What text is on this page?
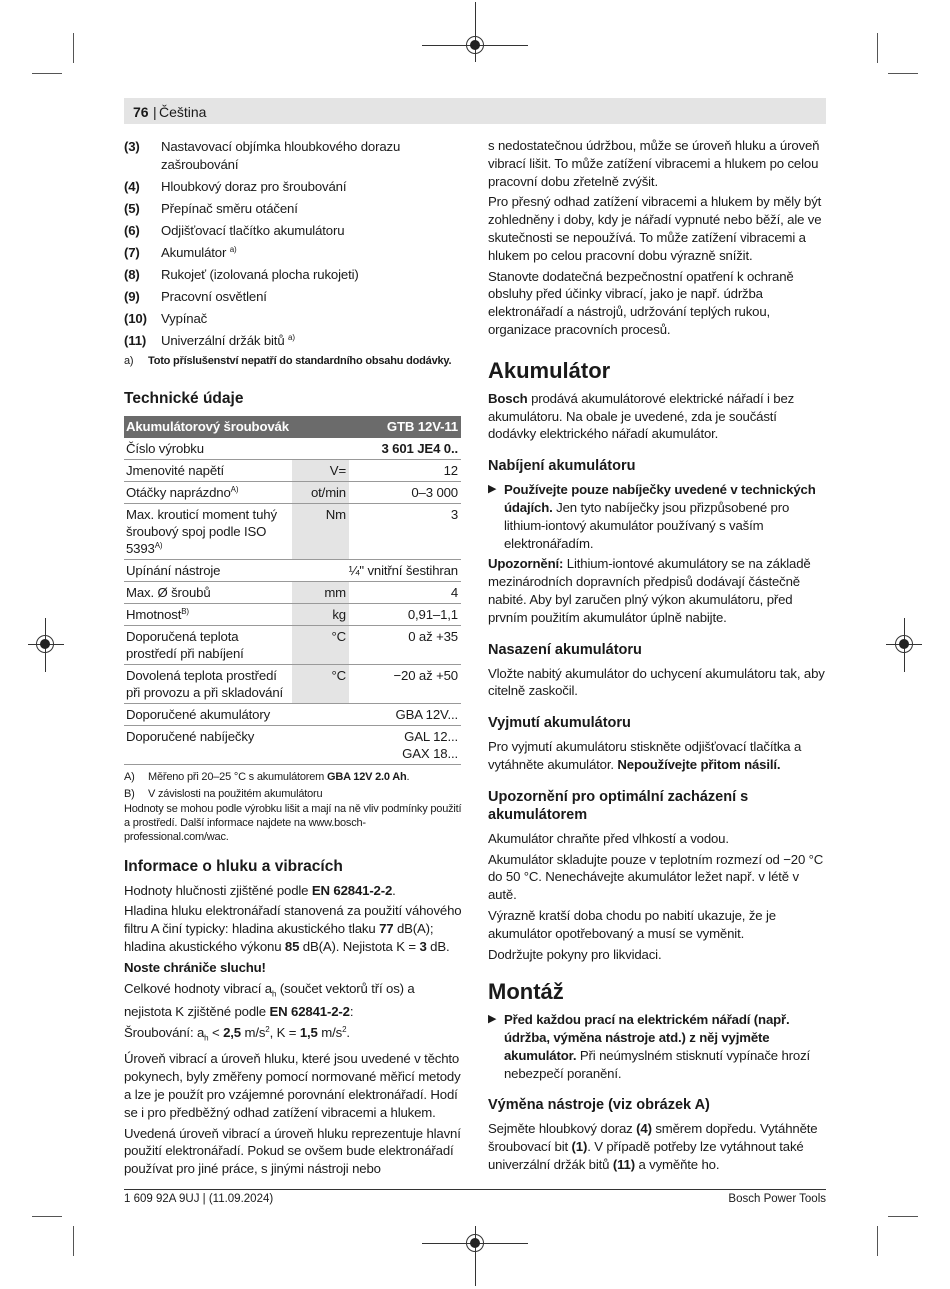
76 | Čeština
(3)	Nastavovací objímka hloubkového dorazu zašroubování
(4)	Hloubkový doraz pro šroubování
(5)	Přepínač směru otáčení
(6)	Odjišťovací tlačítko akumulátoru
(7)	Akumulátor $^{a)}$
(8)	Rukojeť (izolovaná plocha rukojeti)
(9)	Pracovní osvětlení
(10)	Vypínač
(11)	Univerzální držák bitů $^{a)}$
a)	Toto příslušenství nepatří do standardního obsahu dodávky.
Technické údaje
Akumulátorový šroubovák		GTB 12V-11
Číslo výrobku	3 601 JE4 0..	
Jmenovité napětí	V=	12
Otáčky naprázdno$^{A)}$	ot/min	0–3 000
Max. krouticí moment tuhý šroubový spoj podle ISO $5393^{A)}$	Nm	3
Upínání nástroje	¼" vnitřní šestihran	
Max. Ø šroubů	mm	4
Hmotnost$^{B)}$	kg	0,91–1,1
Doporučená teplota prostředí při nabíjení	°C	0 až +35
Dovolená teplota prostředí při provozu a při skladování	°C	−20 až +50
Doporučené akumulátory	GBA 12V...	
Doporučené nabíječky	GAL 12...
GAX 18...	
A)	Měřeno při 20–25 °C s akumulátorem GBA 12V 2.0 Ah.
B)	V závislosti na použitém akumulátoru
Hodnoty se mohou podle výrobku lišit a mají na ně vliv podmínky použití a prostředí. Další informace najdete na www.bosch-professional.com/wac.
Informace o hluku a vibracích

Hodnoty hlučnosti zjištěné podle EN 62841-2-2.

Hladina hluku elektronářadí stanovená za použití váhového filtru A činí typicky: hladina akustického tlaku 77 dB(A); hladina akustického výkonu 85 dB(A). Nejistota K = 3 dB.

Noste chrániče sluchu!

Celkové hodnoty vibrací $a_h$ (součet vektorů tří os) a nejistota K zjištěné podle EN 62841-2-2:

Šroubování: $a_h < 2,5$ $m/s^2$, K = 1,5 $m/s^2$.

Úroveň vibrací a úroveň hluku, které jsou uvedené v těchto pokynech, byly změřeny pomocí normované měřicí metody a lze je použít pro vzájemné porovnání elektronářadí. Hodí se i pro předběžný odhad zatížení vibracemi a hlukem.

Uvedená úroveň vibrací a úroveň hluku reprezentuje hlavní použití elektronářadí. Pokud se ovšem bude elektronářadí používat pro jiné práce, s jinými nástroji nebo

s nedostatečnou údržbou, může se úroveň hluku a úroveň vibrací lišit. To může zatížení vibracemi a hlukem po celou pracovní dobu zřetelně zvýšit.

Pro přesný odhad zatížení vibracemi a hlukem by měly být zohledněny i doby, kdy je nářadí vypnuté nebo běží, ale ve skutečnosti se nepoužívá. To může zatížení vibracemi a hlukem po celou pracovní dobu výrazně snížit.

Stanovte dodatečná bezpečnostní opatření k ochraně obsluhy před účinky vibrací, jako je např. údržba elektronářadí a nástrojů, udržování teplých rukou, organizace pracovních procesů.

Akumulátor

Bosch prodává akumulátorové elektrické nářadí i bez akumulátoru. Na obale je uvedené, zda je součástí dodávky elektrického nářadí akumulátor.

Nabíjení akumulátoru
▶ Používejte pouze nabíječky uvedené v technických údajích. Jen tyto nabíječky jsou přizpůsobené pro lithium-iontový akumulátor používaný s vaším elektronářadím.

Upozornění: Lithium-iontové akumulátory se na základě mezinárodních dopravních předpisů dodávají částečně nabité. Aby byl zaručen plný výkon akumulátoru, před prvním použitím akumulátor úplně nabijte.

Nasazení akumulátoru

Vložte nabitý akumulátor do uchycení akumulátoru tak, aby citelně zaskočil.

Vyjmutí akumulátoru

Pro vyjmutí akumulátoru stiskněte odjišťovací tlačítka a vytáhněte akumulátor. Nepoužívejte přitom násilí.

Upozornění pro optimální zacházení s akumulátorem

Akumulátor chraňte před vlhkostí a vodou.

Akumulátor skladujte pouze v teplotním rozmezí od −20 °C do 50 °C. Nenechávejte akumulátor ležet např. v létě v autě.

Výrazně kratší doba chodu po nabití ukazuje, že je akumulátor opotřebovaný a musí se vyměnit.

Dodržujte pokyny pro likvidaci.

Montáž
▶ Před každou prací na elektrickém nářadí (např. údržba, výměna nástroje atd.) z něj vyjměte akumulátor. Při neúmyslném stisknutí vypínače hrozí nebezpečí poranění.

Výměna nástroje (viz obrázek A)

Sejměte hloubkový doraz (4) směrem dopředu. Vytáhněte šroubovací bit (1). V případě potřeby lze vytáhnout také univerzální držák bitů (11) a vyměňte ho.

1 609 92A 9UJ | (11.09.2024)	Bosch Power Tools
